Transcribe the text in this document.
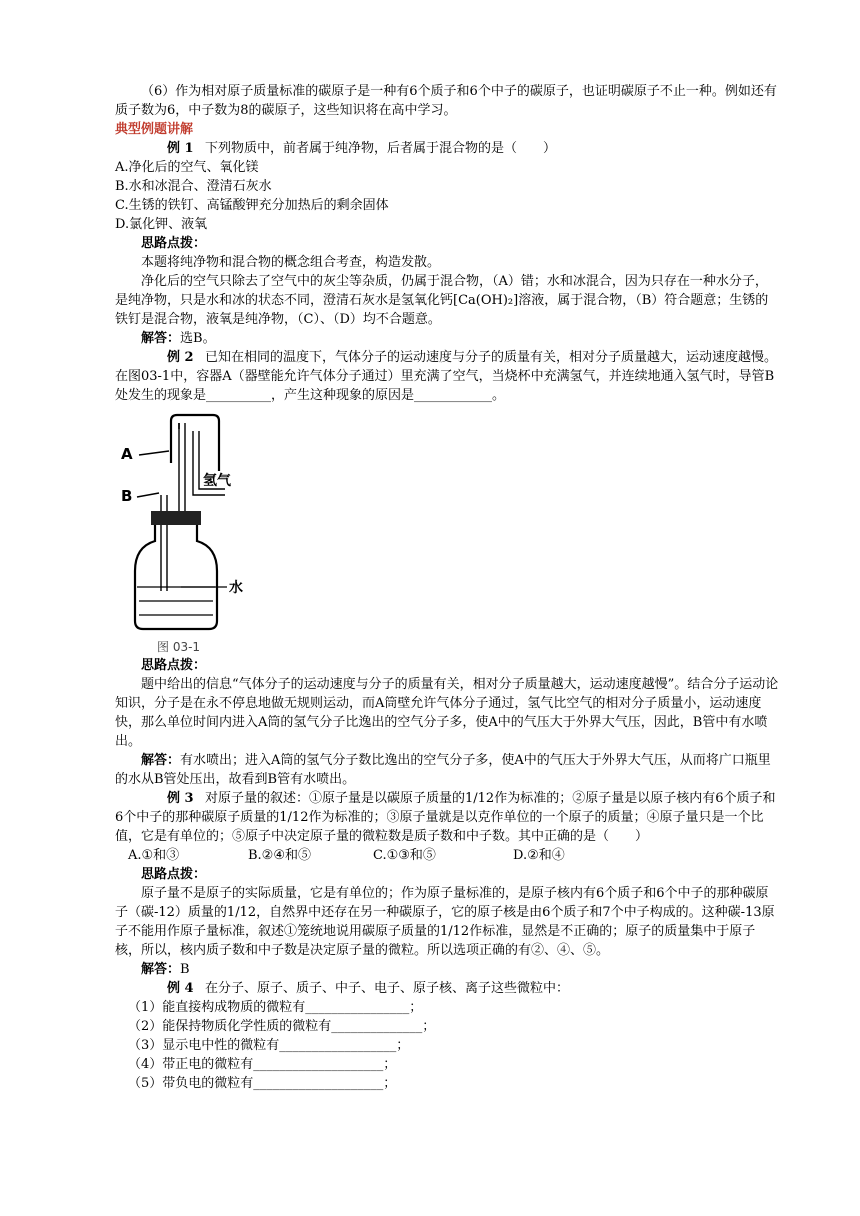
（6）作为相对原子质量标准的碳原子是一种有6个质子和6个中子的碳原子，也证明碳原子不止一种。例如还有质子数为6，中子数为8的碳原子，这些知识将在高中学习。

典型例题讲解

例 1 下列物质中，前者属于纯净物，后者属于混合物的是（　　）

A.净化后的空气、氧化镁

B.水和冰混合、澄清石灰水

C.生锈的铁钉、高锰酸钾充分加热后的剩余固体

D.氯化钾、液氧

思路点拨：

本题将纯净物和混合物的概念组合考查，构造发散。

净化后的空气只除去了空气中的灰尘等杂质，仍属于混合物，（A）错；水和冰混合，因为只存在一种水分子，是纯净物，只是水和冰的状态不同，澄清石灰水是氢氧化钙[Ca(OH)₂]溶液，属于混合物，（B）符合题意；生锈的铁钉是混合物，液氧是纯净物，（C）、（D）均不合题意。

解答：选B。

例 2 已知在相同的温度下，气体分子的运动速度与分子的质量有关，相对分子质量越大，运动速度越慢。在图03-1中，容器A（器壁能允许气体分子通过）里充满了空气，当烧杯中充满氢气，并连续地通入氢气时，导管B处发生的现象是__________，产生这种现象的原因是____________。

A
B
氢气
水
图 03-1

思路点拨：

题中给出的信息“气体分子的运动速度与分子的质量有关，相对分子质量越大，运动速度越慢”。结合分子运动论知识，分子是在永不停息地做无规则运动，而A筒壁允许气体分子通过，氢气比空气的相对分子质量小，运动速度快，那么单位时间内进入A筒的氢气分子比逸出的空气分子多，使A中的气压大于外界大气压，因此，B管中有水喷出。

解答：有水喷出；进入A筒的氢气分子数比逸出的空气分子多，使A中的气压大于外界大气压，从而将广口瓶里的水从B管处压出，故看到B管有水喷出。

例 3 对原子量的叙述：①原子量是以碳原子质量的1/12作为标准的；②原子量是以原子核内有6个质子和6个中子的那种碳原子质量的1/12作为标准的；③原子量就是以克作单位的一个原子的质量；④原子量只是一个比值，它是有单位的；⑤原子中决定原子量的微粒数是质子数和中子数。其中正确的是（　　）

A.①和③	B.②④和⑤	C.①③和⑤	D.②和④

思路点拨：

原子量不是原子的实际质量，它是有单位的；作为原子量标准的，是原子核内有6个质子和6个中子的那种碳原子（碳-12）质量的1/12，自然界中还存在另一种碳原子，它的原子核是由6个质子和7个中子构成的。这种碳-13原子不能用作原子量标准，叙述①笼统地说用碳原子质量的1/12作标准，显然是不正确的；原子的质量集中于原子核，所以，核内质子数和中子数是决定原子量的微粒。所以选项正确的有②、④、⑤。

解答：B

例 4 在分子、原子、质子、中子、电子、原子核、离子这些微粒中：

（1）能直接构成物质的微粒有________________；

（2）能保持物质化学性质的微粒有______________；

（3）显示电中性的微粒有__________________；

（4）带正电的微粒有____________________；

（5）带负电的微粒有____________________；
